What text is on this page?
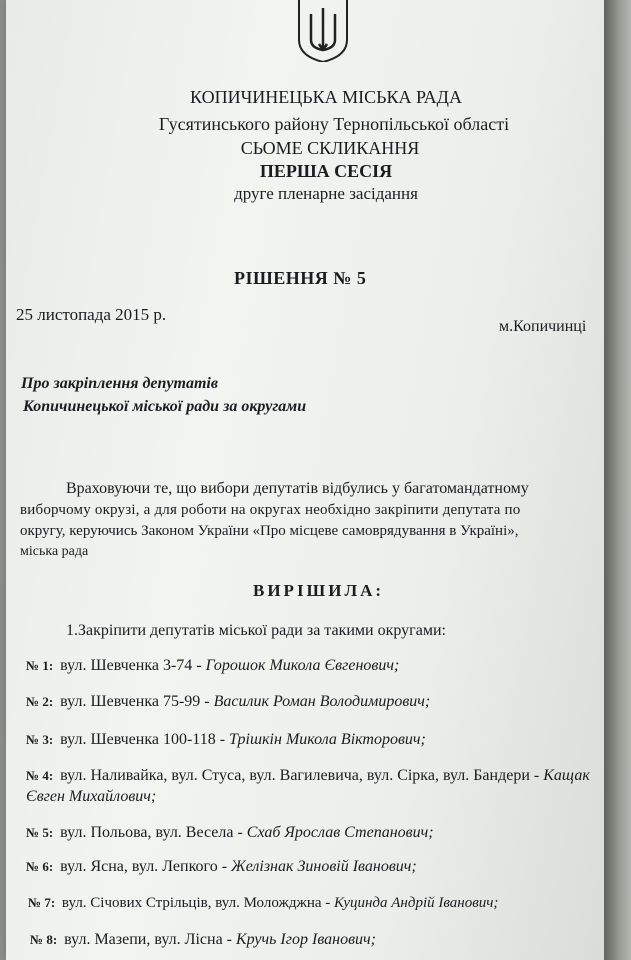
КОПИЧИНЕЦЬКА МІСЬКА РАДА
Гусятинського району Тернопільської області
СЬОМЕ СКЛИКАННЯ
ПЕРША СЕСІЯ
друге пленарне засідання
РІШЕННЯ № 5
25 листопада 2015 р.
м.Копичинці
Про закріплення депутатів
Копичинецької міської ради за округами
Враховуючи те, що вибори депутатів відбулись у багатомандатному
виборчому окрузі, а для роботи на округах необхідно закріпити депутата по
округу, керуючись Законом України «Про місцеве самоврядування в Україні»,
міська рада
ВИРІШИЛА:
1.Закріпити депутатів міської ради за такими округами:
№ 1: вул. Шевченка 3-74 - Горошок Микола Євгенович;
№ 2: вул. Шевченка 75-99 - Василик Роман Володимирович;
№ 3: вул. Шевченка 100-118 - Трішкін Микола Вікторович;
№ 4: вул. Наливайка, вул. Стуса, вул. Вагилевича, вул. Сірка, вул. Бандери - Кащак Євген Михайлович;
№ 5: вул. Польова, вул. Весела - Схаб Ярослав Степанович;
№ 6: вул. Ясна, вул. Лепкого - Желізнак Зиновій Іванович;
№ 7: вул. Січових Стрільців, вул. Моложджна - Куцинда Андрій Іванович;
№ 8: вул. Мазепи, вул. Лісна - Кручь Ігор Іванович;
